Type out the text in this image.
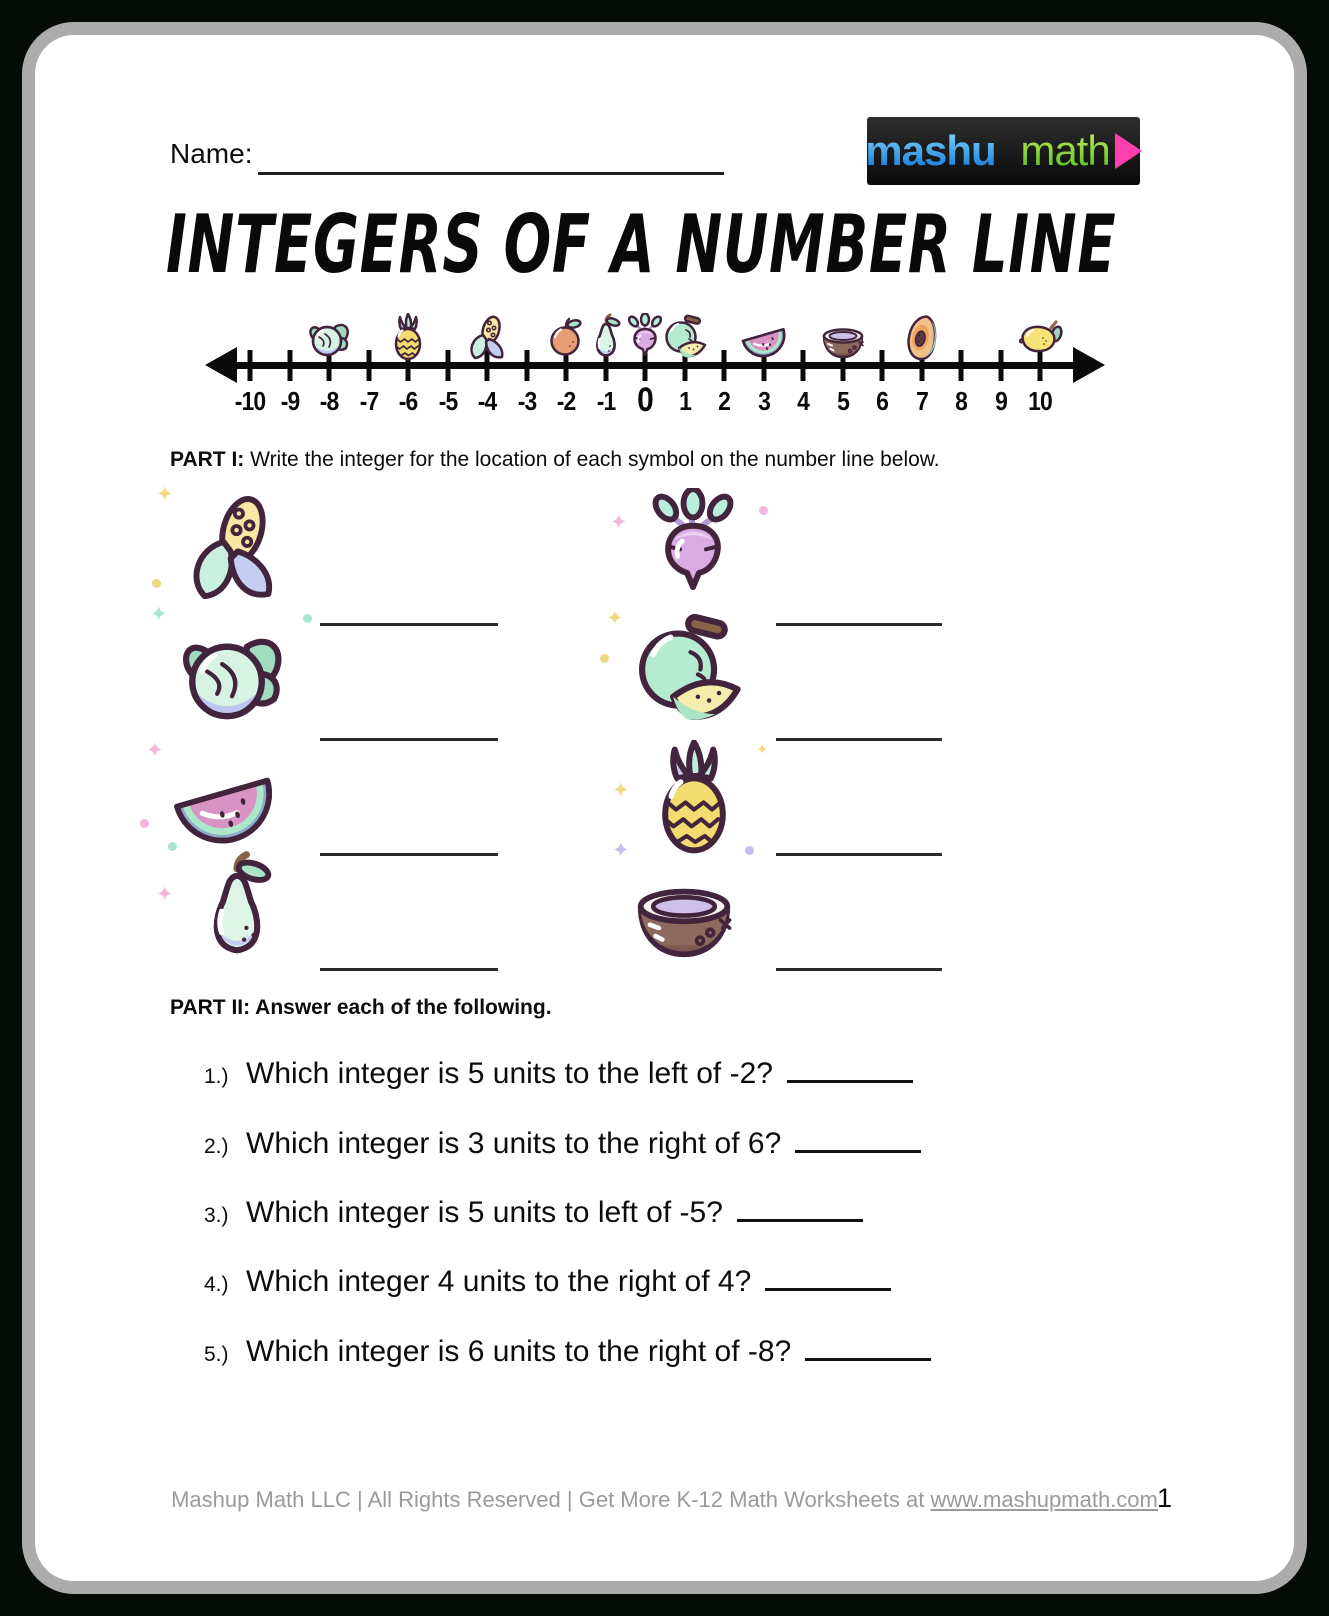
Name:	mashup math
INTEGERS OF A NUMBER LINE
-10 -9 -8 -7 -6 -5 -4 -3 -2 -1 0 1 2 3 4 5 6 7 8 9 10
PART I: Write the integer for the location of each symbol on the number line below.
✦
✦
✦
✦
✦
✦
✦
✦
✦
PART II: Answer each of the following.
1.) Which integer is 5 units to the left of -2?
2.) Which integer is 3 units to the right of 6?
3.) Which integer is 5 units to left of -5?
4.) Which integer 4 units to the right of 4?
5.) Which integer is 6 units to the right of -8?
Mashup Math LLC | All Rights Reserved | Get More K-12 Math Worksheets at www.mashupmath.com 1
